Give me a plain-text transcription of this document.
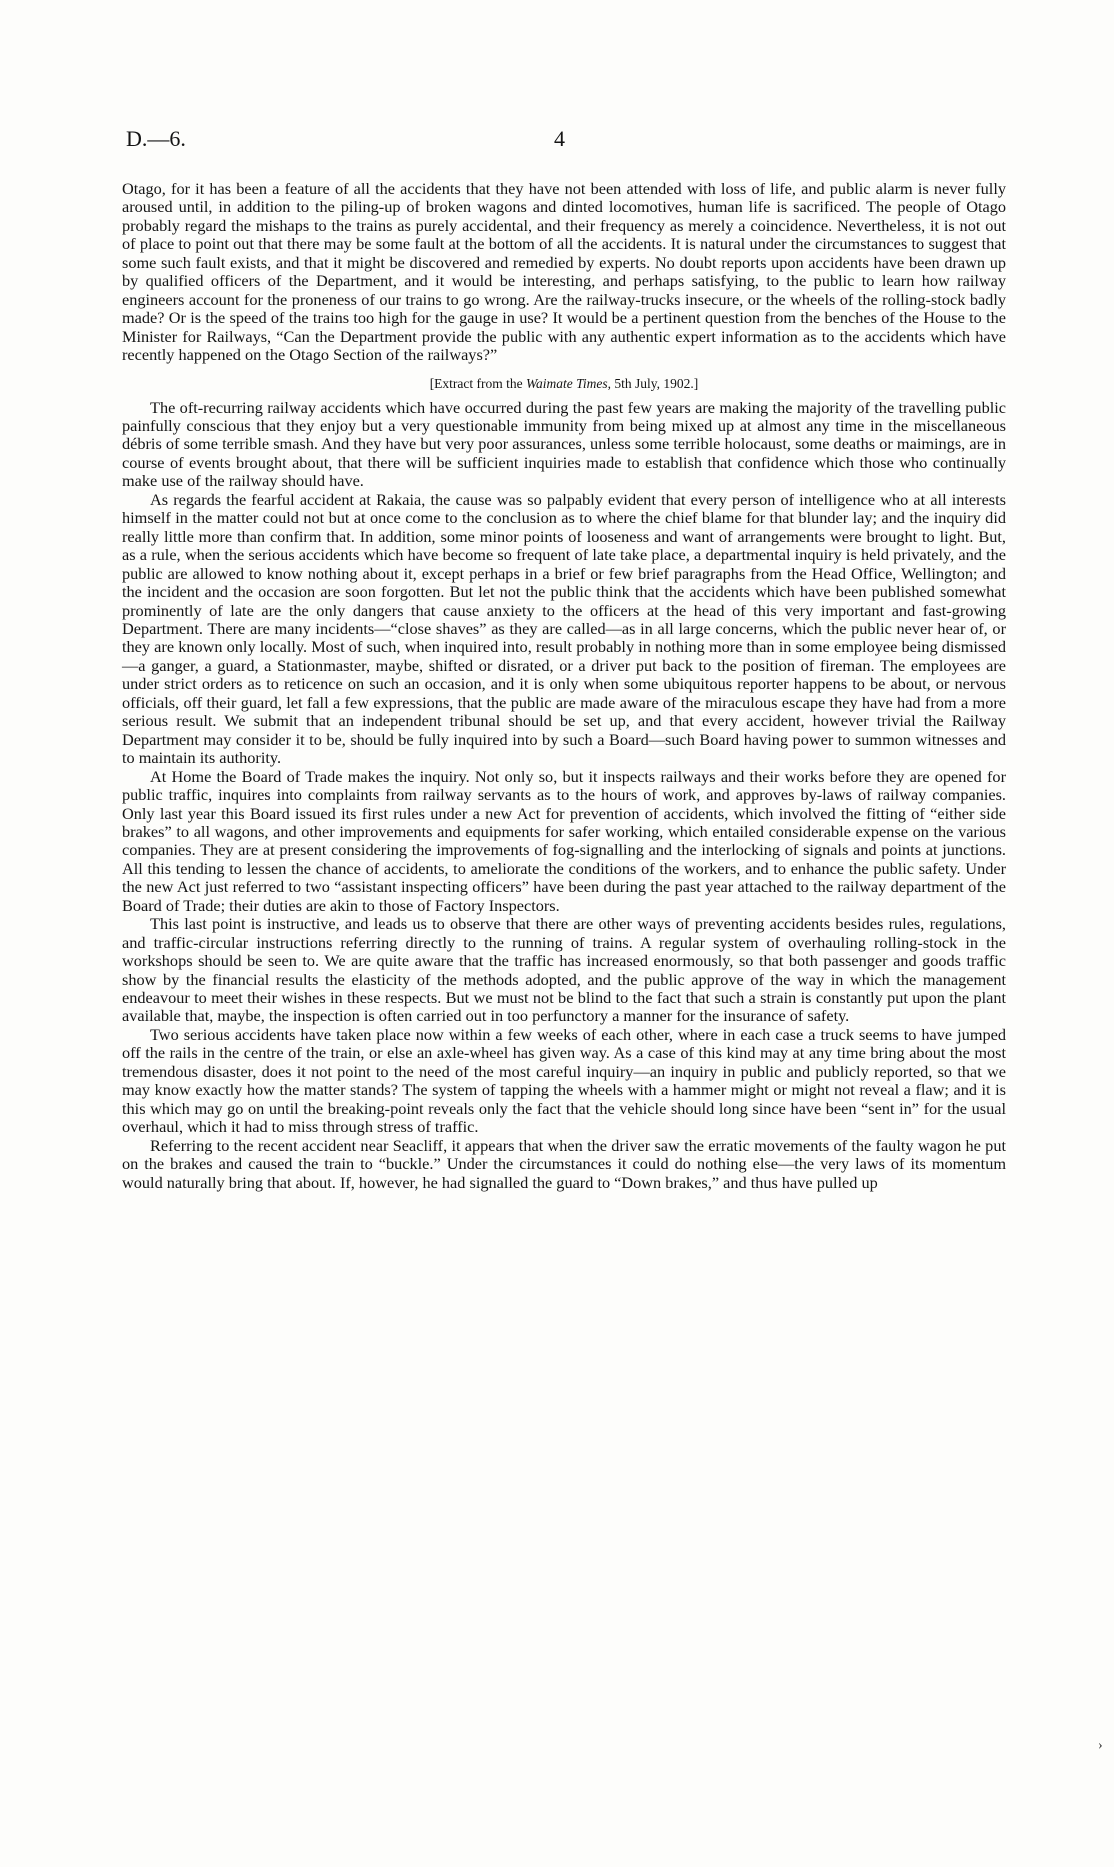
D.—6.	4

Otago, for it has been a feature of all the accidents that they have not been attended with loss of life, and public alarm is never fully aroused until, in addition to the piling-up of broken wagons and dinted locomotives, human life is sacrificed. The people of Otago probably regard the mishaps to the trains as purely accidental, and their frequency as merely a coincidence. Nevertheless, it is not out of place to point out that there may be some fault at the bottom of all the accidents. It is natural under the circumstances to suggest that some such fault exists, and that it might be discovered and remedied by experts. No doubt reports upon accidents have been drawn up by qualified officers of the Department, and it would be interesting, and perhaps satisfying, to the public to learn how railway engineers account for the proneness of our trains to go wrong. Are the railway-trucks insecure, or the wheels of the rolling-stock badly made? Or is the speed of the trains too high for the gauge in use? It would be a pertinent question from the benches of the House to the Minister for Railways, “Can the Department provide the public with any authentic expert information as to the accidents which have recently happened on the Otago Section of the railways?”

[Extract from the Waimate Times, 5th July, 1902.]

The oft-recurring railway accidents which have occurred during the past few years are making the majority of the travelling public painfully conscious that they enjoy but a very questionable immunity from being mixed up at almost any time in the miscellaneous débris of some terrible smash. And they have but very poor assurances, unless some terrible holocaust, some deaths or maimings, are in course of events brought about, that there will be sufficient inquiries made to establish that confidence which those who continually make use of the railway should have.

As regards the fearful accident at Rakaia, the cause was so palpably evident that every person of intelligence who at all interests himself in the matter could not but at once come to the conclusion as to where the chief blame for that blunder lay; and the inquiry did really little more than confirm that. In addition, some minor points of looseness and want of arrangements were brought to light. But, as a rule, when the serious accidents which have become so frequent of late take place, a departmental inquiry is held privately, and the public are allowed to know nothing about it, except perhaps in a brief or few brief paragraphs from the Head Office, Wellington; and the incident and the occasion are soon forgotten. But let not the public think that the accidents which have been published somewhat prominently of late are the only dangers that cause anxiety to the officers at the head of this very important and fast-growing Department. There are many incidents—“close shaves” as they are called—as in all large concerns, which the public never hear of, or they are known only locally. Most of such, when inquired into, result probably in nothing more than in some employee being dismissed—a ganger, a guard, a Stationmaster, maybe, shifted or disrated, or a driver put back to the position of fireman. The employees are under strict orders as to reticence on such an occasion, and it is only when some ubiquitous reporter happens to be about, or nervous officials, off their guard, let fall a few expressions, that the public are made aware of the miraculous escape they have had from a more serious result. We submit that an independent tribunal should be set up, and that every accident, however trivial the Railway Department may consider it to be, should be fully inquired into by such a Board—such Board having power to summon witnesses and to maintain its authority.

At Home the Board of Trade makes the inquiry. Not only so, but it inspects railways and their works before they are opened for public traffic, inquires into complaints from railway servants as to the hours of work, and approves by-laws of railway companies. Only last year this Board issued its first rules under a new Act for prevention of accidents, which involved the fitting of “either side brakes” to all wagons, and other improvements and equipments for safer working, which entailed considerable expense on the various companies. They are at present considering the improvements of fog-signalling and the interlocking of signals and points at junctions. All this tending to lessen the chance of accidents, to ameliorate the conditions of the workers, and to enhance the public safety. Under the new Act just referred to two “assistant inspecting officers” have been during the past year attached to the railway department of the Board of Trade; their duties are akin to those of Factory Inspectors.

This last point is instructive, and leads us to observe that there are other ways of preventing accidents besides rules, regulations, and traffic-circular instructions referring directly to the running of trains. A regular system of overhauling rolling-stock in the workshops should be seen to. We are quite aware that the traffic has increased enormously, so that both passenger and goods traffic show by the financial results the elasticity of the methods adopted, and the public approve of the way in which the management endeavour to meet their wishes in these respects. But we must not be blind to the fact that such a strain is constantly put upon the plant available that, maybe, the inspection is often carried out in too perfunctory a manner for the insurance of safety.

Two serious accidents have taken place now within a few weeks of each other, where in each case a truck seems to have jumped off the rails in the centre of the train, or else an axle-wheel has given way. As a case of this kind may at any time bring about the most tremendous disaster, does it not point to the need of the most careful inquiry—an inquiry in public and publicly reported, so that we may know exactly how the matter stands? The system of tapping the wheels with a hammer might or might not reveal a flaw; and it is this which may go on until the breaking-point reveals only the fact that the vehicle should long since have been “sent in” for the usual overhaul, which it had to miss through stress of traffic.

Referring to the recent accident near Seacliff, it appears that when the driver saw the erratic movements of the faulty wagon he put on the brakes and caused the train to “buckle.” Under the circumstances it could do nothing else—the very laws of its momentum would naturally bring that about. If, however, he had signalled the guard to “Down brakes,” and thus have pulled up

›
